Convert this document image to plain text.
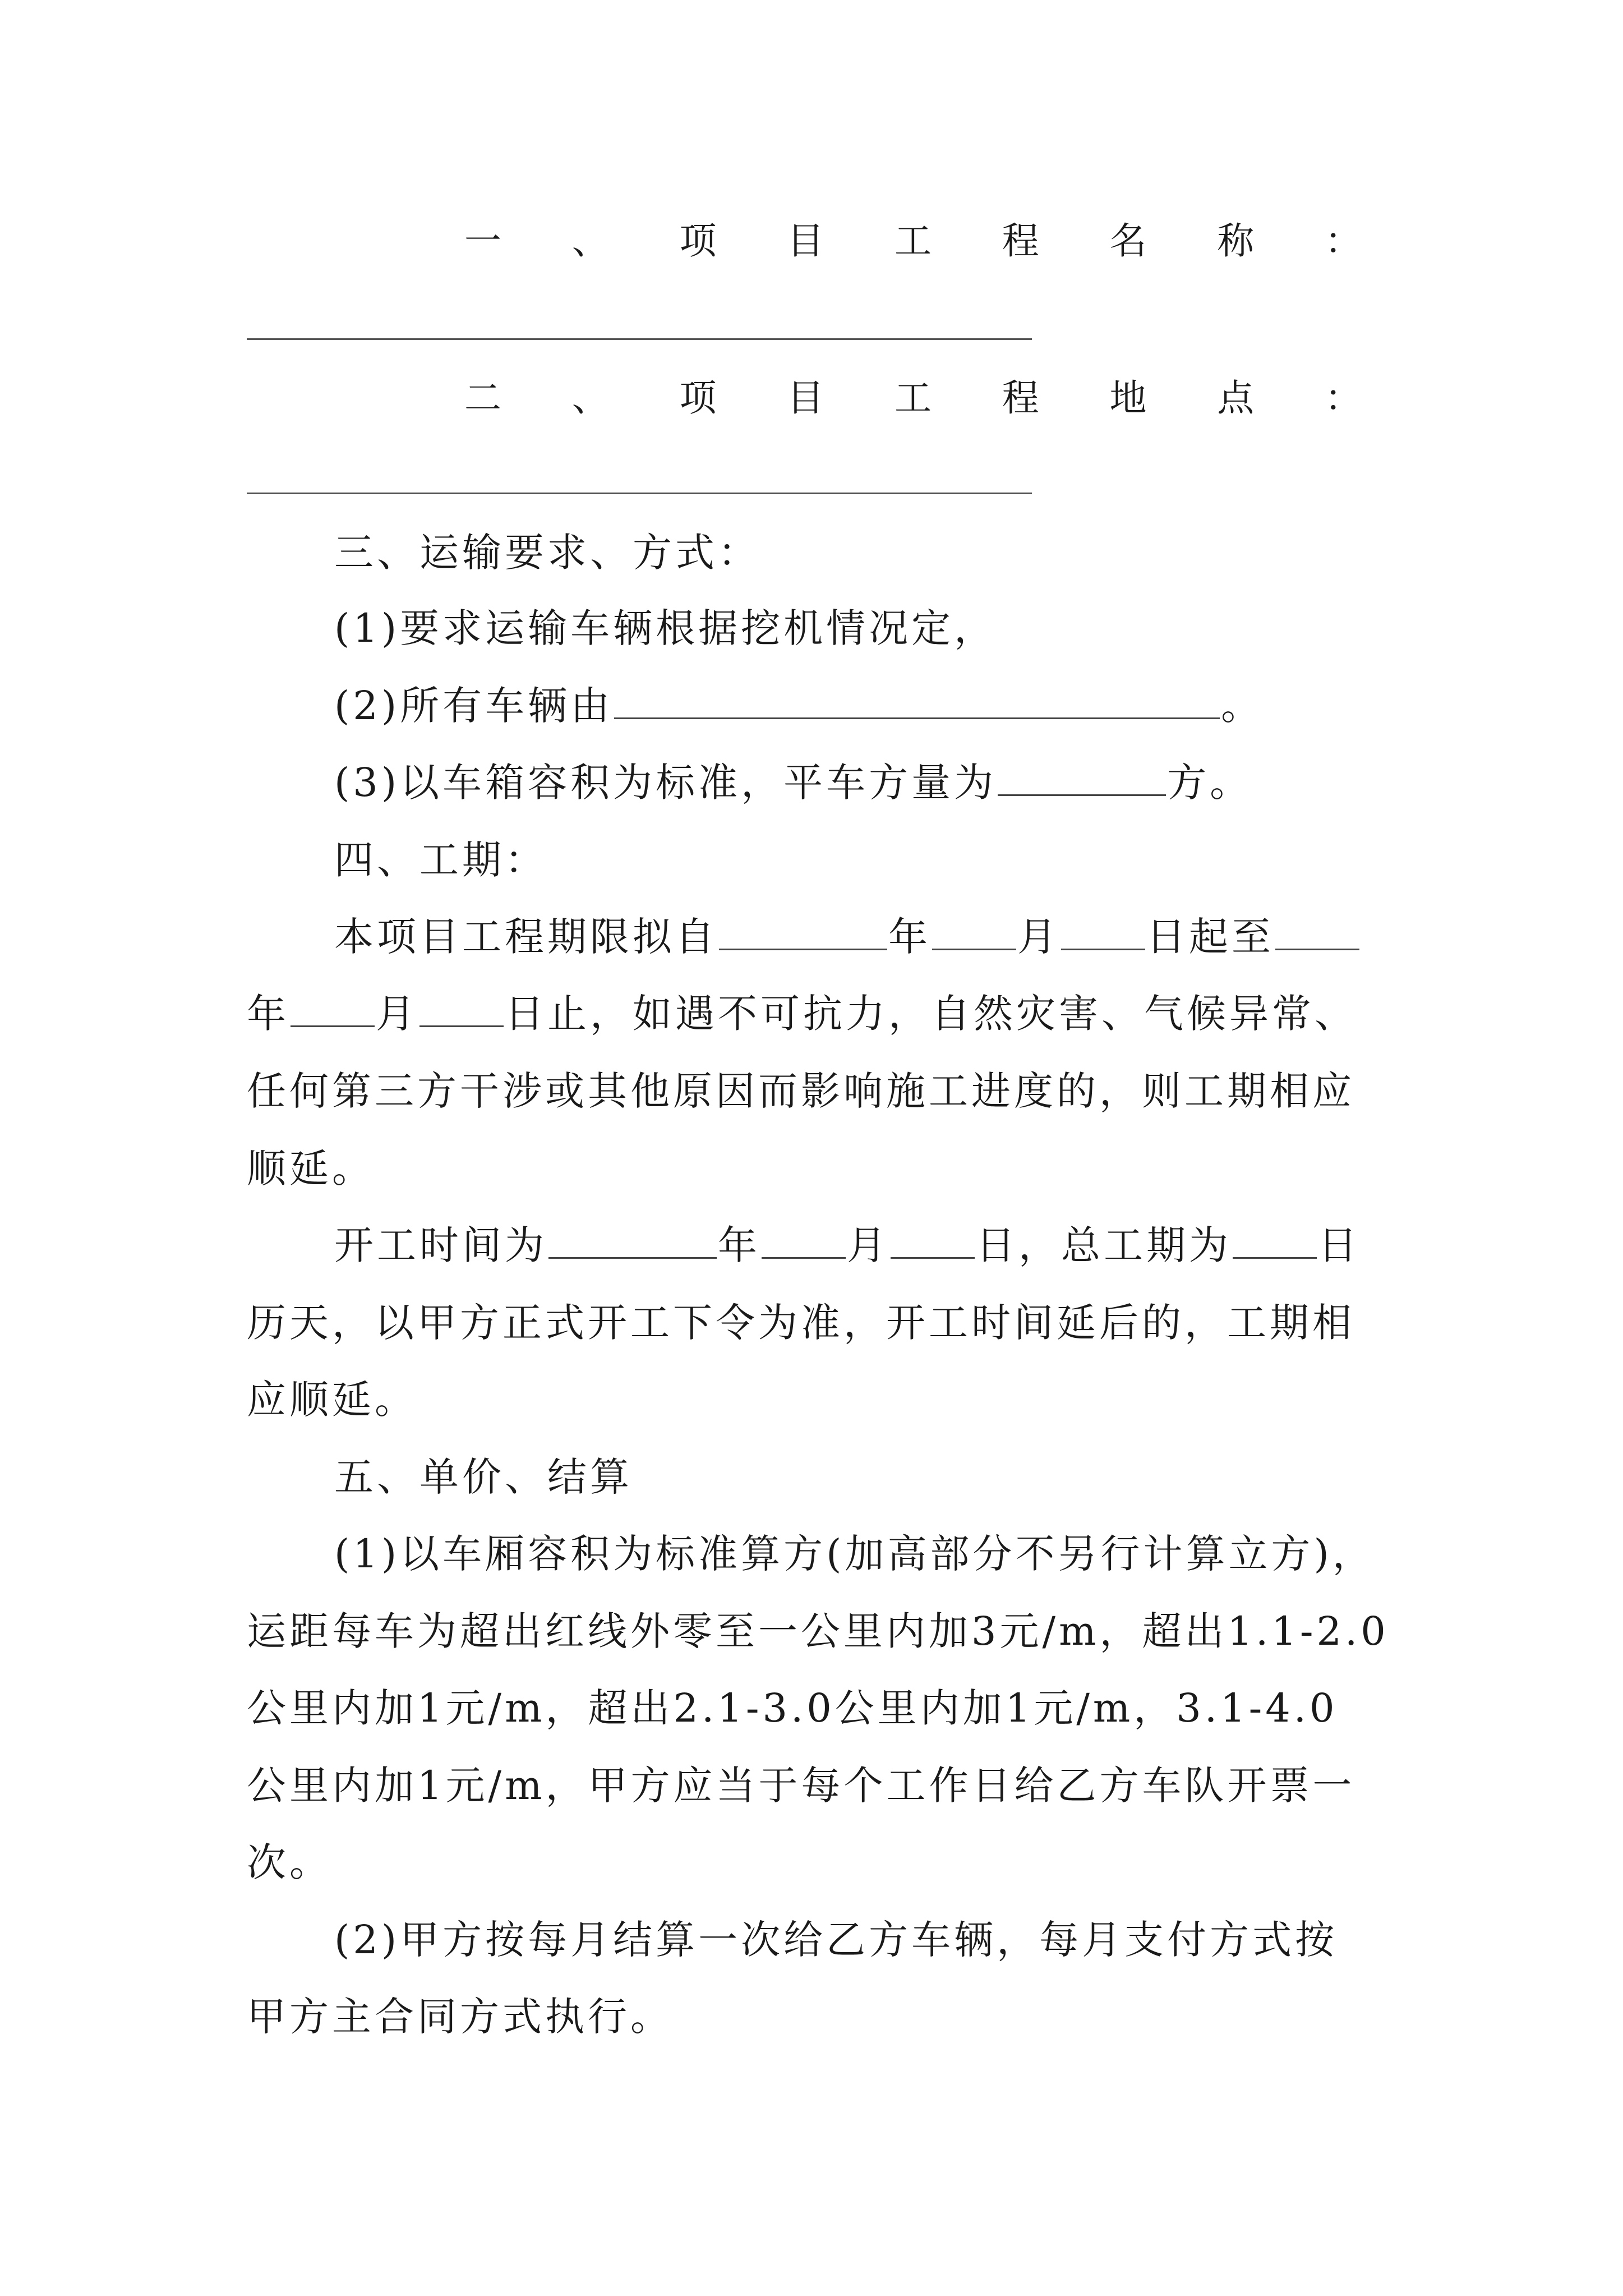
一 、 项 目 工 程 名 称 ：
二 、 项 目 工 程 地 点 ：
三、运输要求、方式：
(1)要求运输车辆根据挖机情况定，
(2)所有车辆由	。
(3)以车箱容积为标准，平车方量为	方。
四、工期：
本项目工程期限拟自	年 月 日起至
年 月 日止，如遇不可抗力，自然灾害、气候异常、
任何第三方干涉或其他原因而影响施工进度的，则工期相应
顺延。
开工时间为	年 月 日，总工期为 日
历天，以甲方正式开工下令为准，开工时间延后的，工期相
应顺延。
五、单价、结算
(1)以车厢容积为标准算方(加高部分不另行计算立方)，
运距每车为超出红线外零至一公里内加3元/m，超出1.1-2.0
公里内加1元/m，超出2.1-3.0公里内加1元/m，3.1-4.0
公里内加1元/m，甲方应当于每个工作日给乙方车队开票一
次。
(2)甲方按每月结算一次给乙方车辆，每月支付方式按
甲方主合同方式执行。
